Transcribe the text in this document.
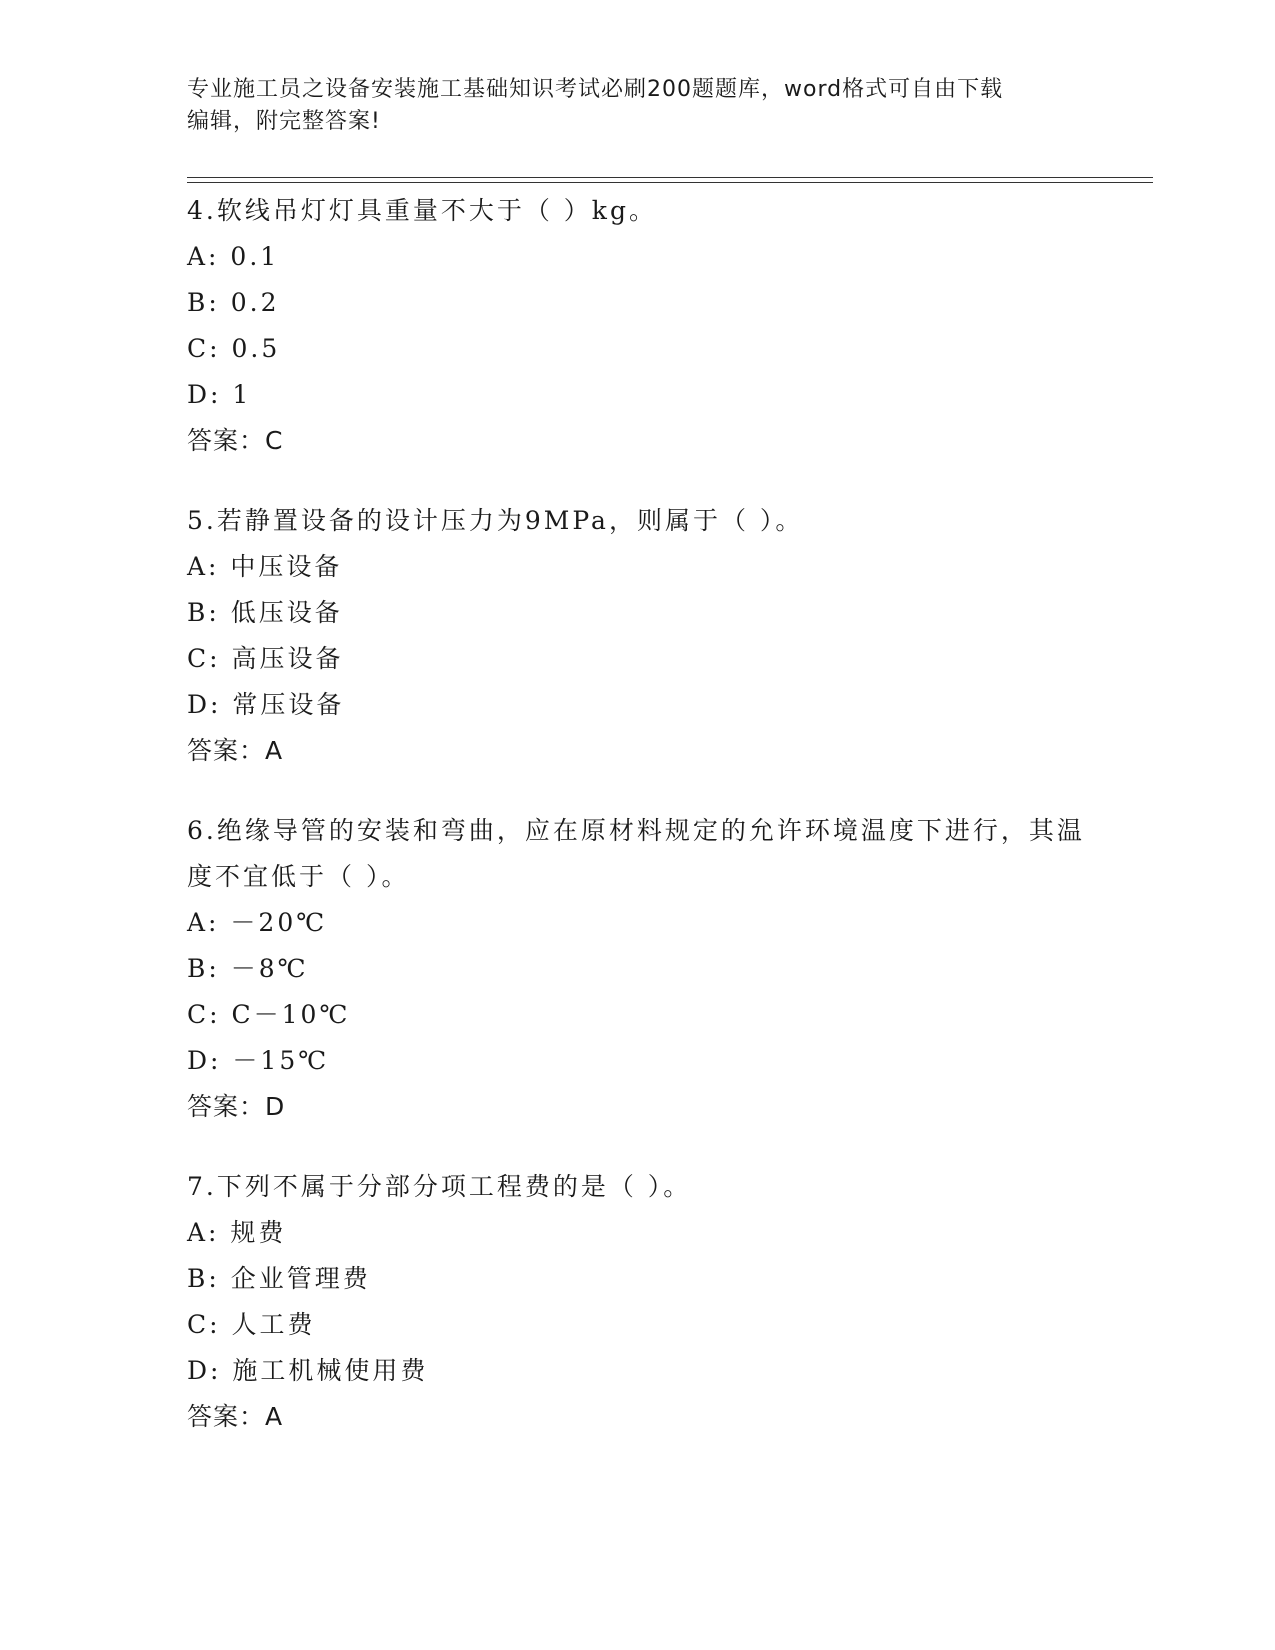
专业施工员之设备安装施工基础知识考试必刷200题题库，word格式可自由下载
编辑，附完整答案!
4.软线吊灯灯具重量不大于（ ）kg。
A: 0.1
B: 0.2
C: 0.5
D: 1
答案：C
5.若静置设备的设计压力为9MPa，则属于（ ）。
A: 中压设备
B: 低压设备
C: 高压设备
D: 常压设备
答案：A
6.绝缘导管的安装和弯曲，应在原材料规定的允许环境温度下进行，其温度不宜低于（ ）。
A: －20℃
B: －8℃
C: C－10℃
D: －15℃
答案：D
7.下列不属于分部分项工程费的是（ ）。
A: 规费
B: 企业管理费
C: 人工费
D: 施工机械使用费
答案：A
